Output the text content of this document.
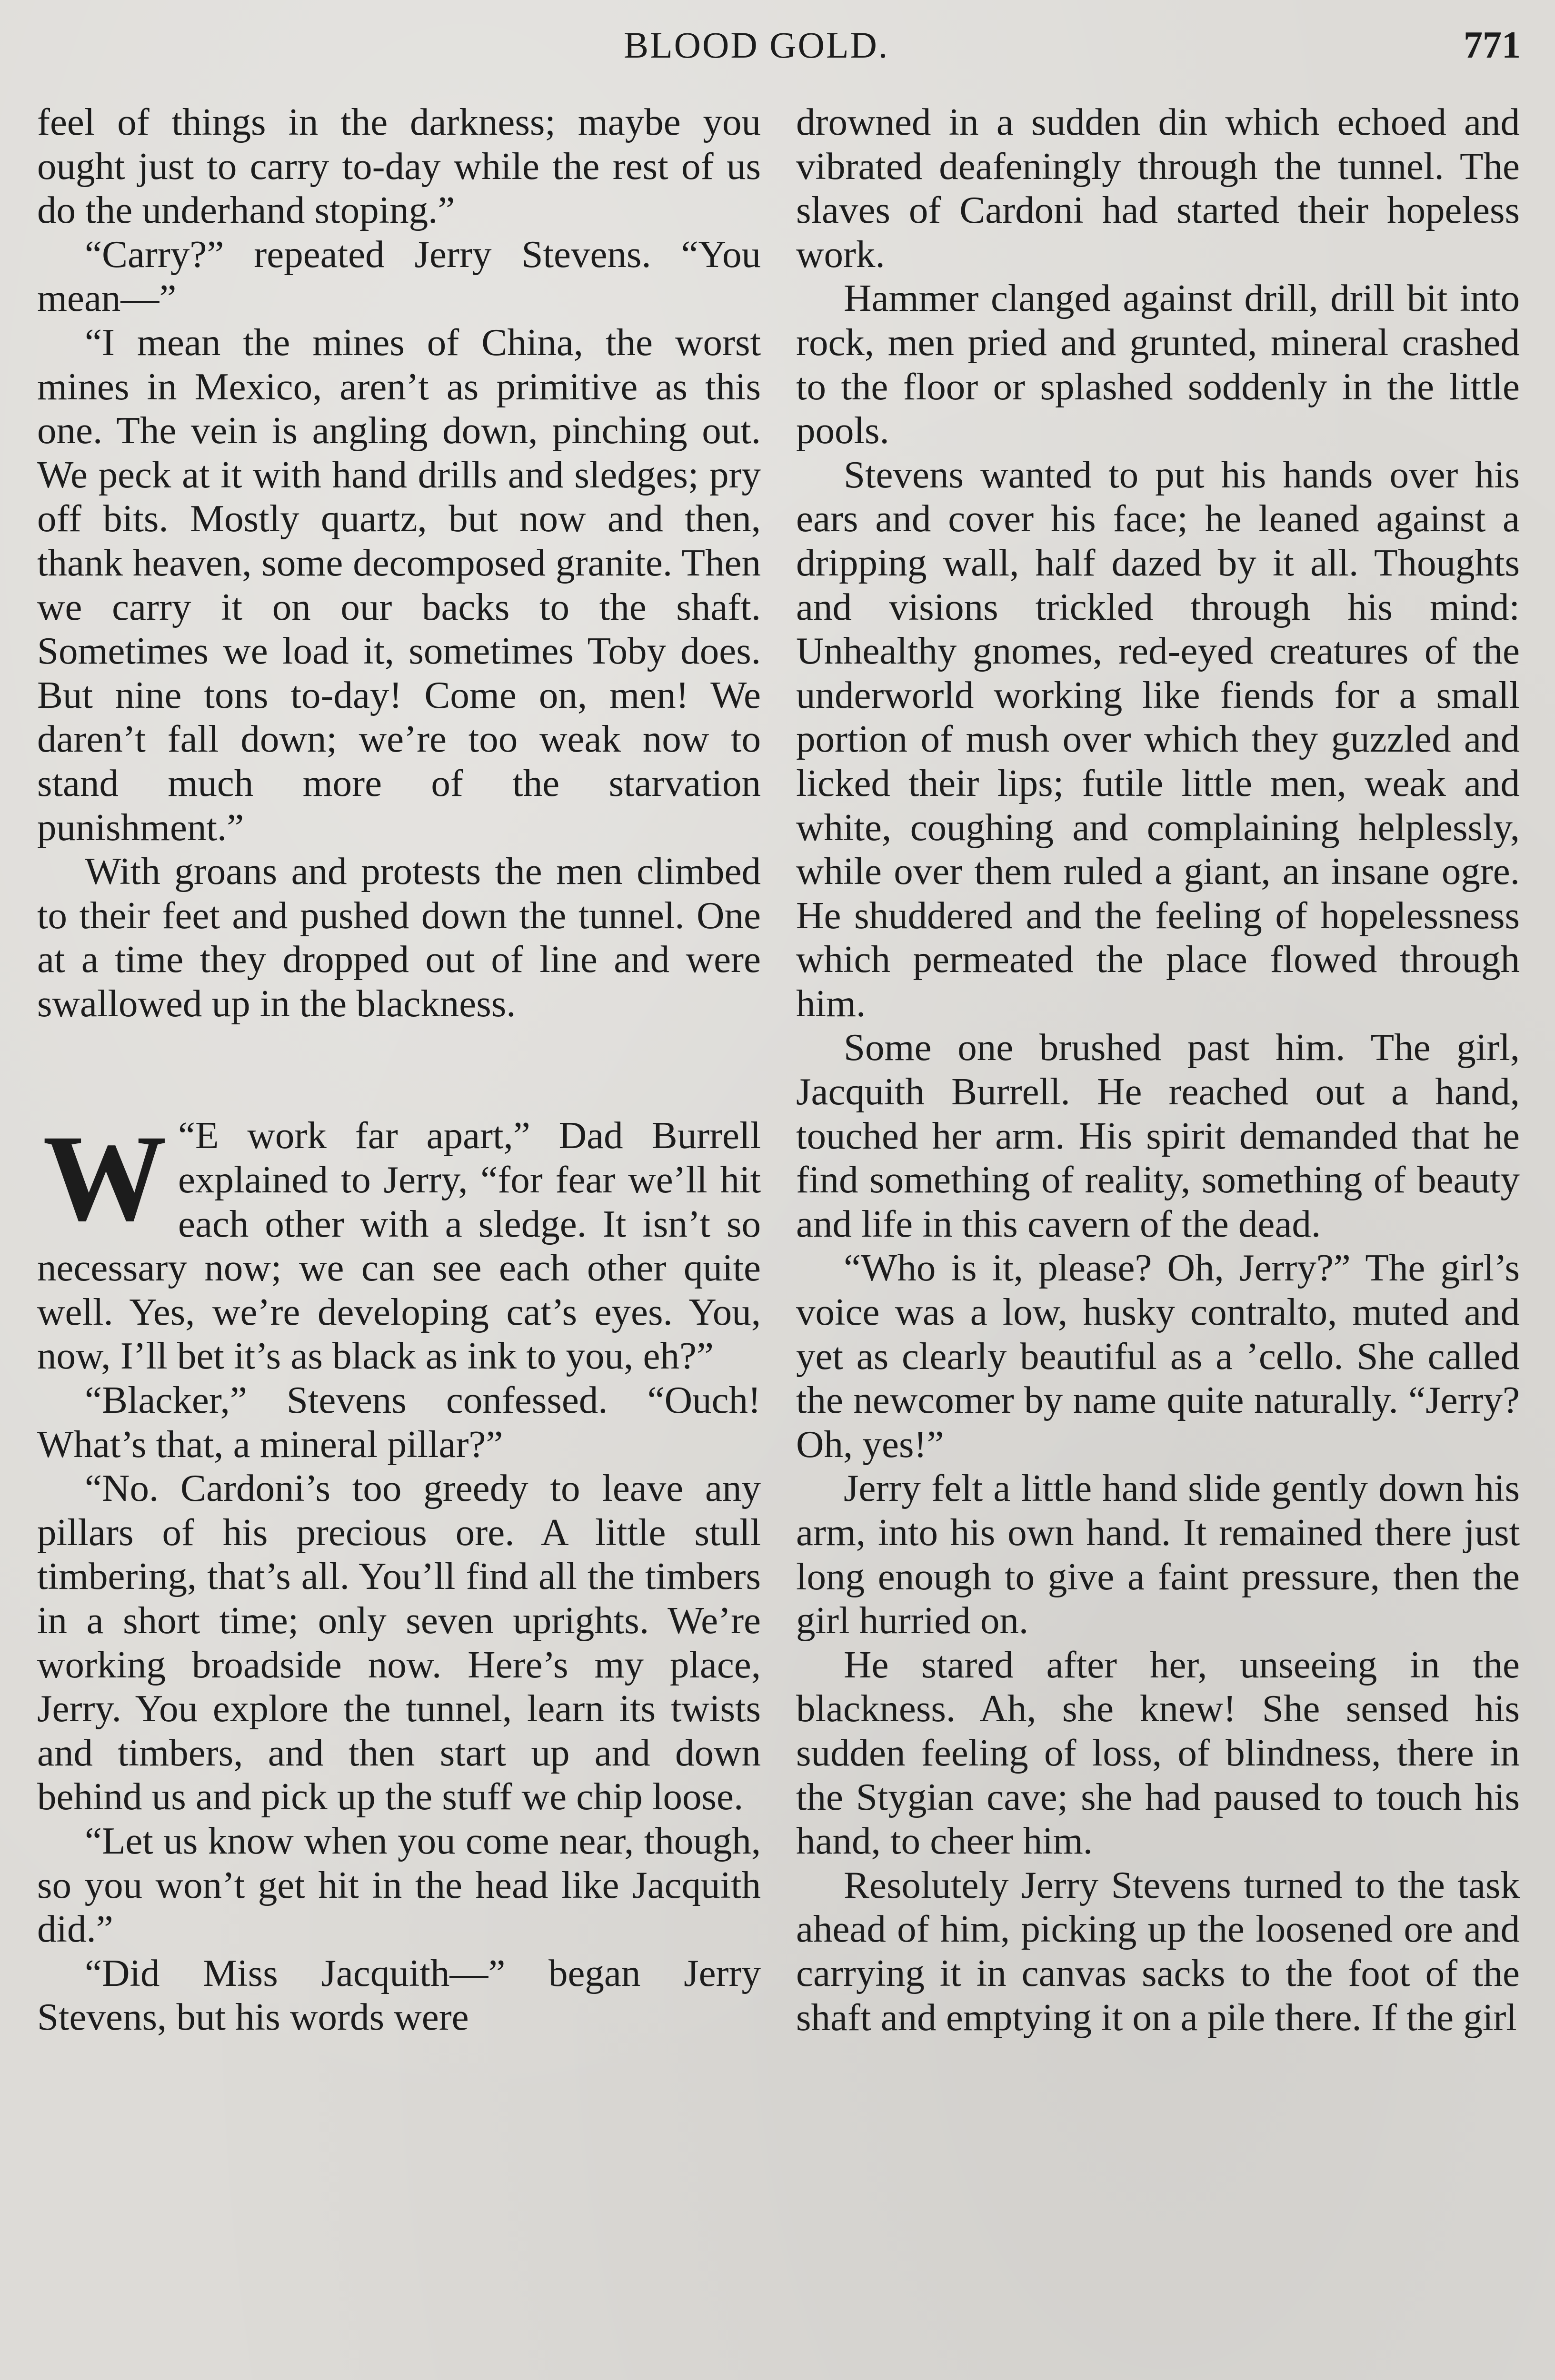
BLOOD GOLD.	771

feel of things in the darkness; maybe you ought just to carry to-day while the rest of us do the underhand stoping.”

“Carry?” repeated Jerry Stevens. “You mean—”

“I mean the mines of China, the worst mines in Mexico, aren’t as primitive as this one. The vein is angling down, pinching out. We peck at it with hand drills and sledges; pry off bits. Mostly quartz, but now and then, thank heaven, some decomposed granite. Then we carry it on our backs to the shaft. Sometimes we load it, sometimes Toby does. But nine tons to-day! Come on, men! We daren’t fall down; we’re too weak now to stand much more of the starvation punishment.”

With groans and protests the men climbed to their feet and pushed down the tunnel. One at a time they dropped out of line and were swallowed up in the blackness.

“
W E work far apart,” Dad Burrell explained to Jerry, “for fear we’ll hit each other with a sledge. It isn’t so necessary now; we can see each other quite well. Yes, we’re developing cat’s eyes. You, now, I’ll bet it’s as black as ink to you, eh?”

“Blacker,” Stevens confessed. “Ouch! What’s that, a mineral pillar?”

“No. Cardoni’s too greedy to leave any pillars of his precious ore. A little stull timbering, that’s all. You’ll find all the timbers in a short time; only seven uprights. We’re working broadside now. Here’s my place, Jerry. You explore the tunnel, learn its twists and timbers, and then start up and down behind us and pick up the stuff we chip loose.

“Let us know when you come near, though, so you won’t get hit in the head like Jacquith did.”

“Did Miss Jacquith—” began Jerry Stevens, but his words were

drowned in a sudden din which echoed and vibrated deafeningly through the tunnel. The slaves of Cardoni had started their hopeless work.

Hammer clanged against drill, drill bit into rock, men pried and grunted, mineral crashed to the floor or splashed soddenly in the little pools.

Stevens wanted to put his hands over his ears and cover his face; he leaned against a dripping wall, half dazed by it all. Thoughts and visions trickled through his mind: Unhealthy gnomes, red-eyed creatures of the underworld working like fiends for a small portion of mush over which they guzzled and licked their lips; futile little men, weak and white, coughing and complaining helplessly, while over them ruled a giant, an insane ogre. He shuddered and the feeling of hopelessness which permeated the place flowed through him.

Some one brushed past him. The girl, Jacquith Burrell. He reached out a hand, touched her arm. His spirit demanded that he find something of reality, something of beauty and life in this cavern of the dead.

“Who is it, please? Oh, Jerry?” The girl’s voice was a low, husky contralto, muted and yet as clearly beautiful as a ’cello. She called the newcomer by name quite naturally. “Jerry? Oh, yes!”

Jerry felt a little hand slide gently down his arm, into his own hand. It remained there just long enough to give a faint pressure, then the girl hurried on.

He stared after her, unseeing in the blackness. Ah, she knew! She sensed his sudden feeling of loss, of blindness, there in the Stygian cave; she had paused to touch his hand, to cheer him.

Resolutely Jerry Stevens turned to the task ahead of him, picking up the loosened ore and carrying it in canvas sacks to the foot of the shaft and emptying it on a pile there. If the girl
